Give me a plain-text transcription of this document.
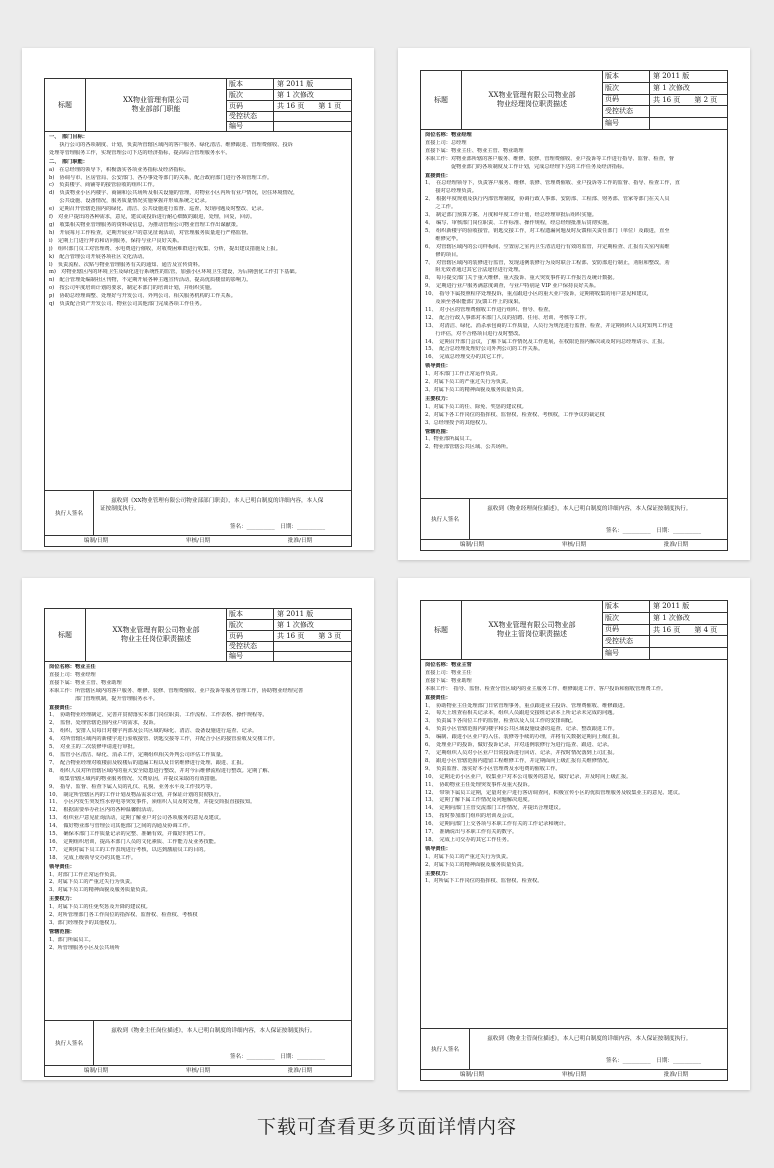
标题
XX物业管理有限公司
物业部部门职能
版本	第 2011 版
版次	第 1 次修改
页码	共 16 页　　第 1 页
受控状态
编号
一、　部门目标：
　　执行公司的各项制度、计划，负责所管辖区域内的客户服务、绿化清洁、维修跟进、管理费催收、投诉
处理等管理服务工作，实现管理公司下达的经济指标，提高综合管理服务水平。
二、　部门职能：
a)　在总经理的领导下，积极落实各项业务指标及经济指标。
b)　协调与市、区房管局、公安部门、各办事处等部门的关系，配合政府部门进行各项管理工作。
c)　负责楼宇、商铺等的接管验收的组织工作。
d)　负责物业小区内楼宇、商铺和公共场所及相关设施的管理，对物业小区内所有业户情况，居住环境情况，
　　公共设施、设备情况，服务质量情况实施掌握并形成系统之记录。
e)　定期召开管辖范围内的绿化、清洁、公共设施进行监督、巡查，发现问题及时整改、记录。
f)　对业户提出的各种需求，意见，建议或投诉进行耐心细致的跟进，处理，回复，回访。
g)　收集相关物业管理服务的资料或信息，为推动管理公司物业管理工作出谋献策。
h)　开展每月工作检查，定期开展业户的意见征询活动，对管理服务质量进行严格监督。
i)　定期上门进行拜访和访问服务，保持与业户良好关系。
j)　组织部门员工对管理费、水电费进行催收，对收费困难群进行收集、分析，提出建议措施及上报。
k)　配合管理公司开展各项社区文化活动。
l)　负责流程、次贴与物业管理服务有关的通知、通告及宣传资料。
m)　对物业辖区内的环境卫生及绿化进行系统性的监管，加强小区环境卫生建设，为后期创优工作打下基础。
n)　配合管理处编制社区刊物，不定期开展各种主题宣传活动，提高优质楼盘的影响力。
o)　按公司年度培训计划的要求，制定本部门的培训计划，并组织实施。
p)　协助总经理调整、处理好与开发公司、外判公司、相关服务机构的工作关系。
q)　负责配合资产开发公司、物业公司其他部门完成各项工作任务。
执行人签名
　　兹收到《XX物业管理有限公司物业部部门职责》，本人已明白制度的详细内容，本人保
证按制度执行。
签名：__________　日期：__________
编制/日期	审核/日期	批准/日期
标题
XX物业管理有限公司物业部
物业经理岗位职责描述
版本	第 2011 版
版次	第 1 次修改
页码	共 16 页　　第 2 页
受控状态
编号
岗位名称：物业经理
直接上司：总经理
直接下属：物业主任、物业主管、物业助理
本职工作：对物业部所辖的客户服务、维修、装修、管理费催收、业户投诉等工作进行指导、监督、检查，督
　　　　　促物业部门的各项制度及工作计划，完成总经理下达的工作任务及经济指标。
直接责任：
1、　在总经理领导下，负责客户服务、维修、装修、管理费催收、业户投诉等工作的监督、指导、检查工作，直
　　接对总经理负责。
2、　根据年度规划及执行内部管理制度，协调行政人事部、安防部、工程部、财务部、管家等部门在关人员
　　之工作。
3、　制定部门预算方案、月度和年度工作计划，经总经理审批后组织实施。
4、　编写、审核部门岗位职责、工作标准、操作规程，经总经理批准后贯彻实施。
5、　组织新楼宇的验收接管，钥匙交接工作，对工程遗漏问题及时反馈相关责任部门（单位）及跟进，直至
　　维修完毕。
6、　对管辖区域内的公司样板间、空置房之室内卫生清洁进行有效的监管，并定期检查、汇报有关室内需维
　　修的项目。
7、　对管辖区域内的装修进行监管，发现违例装修行为及时联合工程部、安防部进行制止，劝阻和整改，劝
　　阻无效者通过其它合法途径进行处理。
8、　每月提交部门关于重大维修、重大投诉、重大突发事件的工作报告及统计数据。
9、　定期进行业户服务满意度调查，与业户特别是 VIP 业户保持良好关系。
10、　指导下属按照程序处理投诉，重点跟进小区的重大业户投诉，定期将收集的用户意见和建议，
　　及须至各职能部门反馈工作上的成果。
11、　对小区的管理费催收工作进行组织、督导、检查。
12、　配合行政人事部对本部门人员的招聘、任用、培训、考核等工作。
13、　对清洁、绿化、消杀承包商的工作质量，人员行为规范进行监督、检查，并定期组织人员对知判工作进
　　行评估，对不合格项目进行及时整改。
14、　定期召开部门会议，了解下属工作情况及工作进展，在权限范围内解决或及时向总经理请示、汇报。
15、　配合总经理处理好公司外判公司的工作关系。
16、　完成总经理交办的其它工作。
领导责任：
1、对本部门工作正常运作负责。
2、对属下员工的严重过失行为负责。
3、对属下员工的精神面貌及服务质量负责。
主要权力：
1、对属下员工的任、除免、奖惩的建议权。
2、对属下各工作岗位的指挥权、监督权、检查权、考核权，工作争议的裁定权
3、总经理授予的其他权力。
管辖范围：
1、物业部所属员工。
2、物业部管辖公共区域、公共场所。
执行人签名
　　兹收到《物业经理岗位描述》，本人已明白制度的详细内容，本人保证按制度执行。
签名：__________　日期：__________
编制/日期	审核/日期	批准/日期
标题
XX物业管理有限公司物业部
物业主任岗位职责描述
版本	第 2011 版
版次	第 1 次修改
页码	共 16 页　　第 3 页
受控状态
编号
岗位名称：物业主任
直接上司：物业经理
直接下属：物业主管、物业助理
本职工作：所管辖区域内的客户服务、维修、装修、管理费催收、业户投诉等服务管理工作，协助物业经理完善
　　　　　部门管理机制，提升管理服务水平。
直接责任：
1、　协助物业经理制定、完善并贯彻落实本部门岗位职责、工作流程、工作表格、操作规程等。
2、　监督、处理管辖范围内业户的需求，投诉。
3、　组织、安排人员每日对楼宇内部及公共区域的绿化、清洁、设备设施进行巡查、记录。
4、　对所管辖区域内的新楼宇进行验收接管、钥匙交接等工作，并配合小区的接管验收及交楼工作。
5、　对业主的二次装修申请进行审批。
6、　监管小区清洁、绿化、消杀工作，定期组织相关外判公司评估工作质量。
7、　配合物业经理对收楼前及收楼后的遗漏工程以及日常维修进行处理、跟进、汇报。
8、　组织人员对所管辖区域内的重大安全隐患进行整改，并对今后维修流程进行整改。定期了解、
　　收集管辖区域内的物业服务情况、欠费原因，并提议采取的有效措施。
9、　指导、监督、检查下属人员的礼仪、礼貌、业务水平及工作技巧等。
10、　制定所管辖区内的工作计划及物品需求计划，并保证计划的贯彻执行。
11、　小区内发生突发性水停电等突发事件，须组织人员及时处理，并提交简报直接报知。
12、　根据需要举办社区内的各种温馨假活动。
13、　组织业户意见征询活动，定期了解业户对公司各项服务的意见及建议。
14、　做好物业部与管理公司其他部门之间的沟通及协调工作。
15、　确保本部门工作质量记录的完整、准确有效，并做好归档工作。
16、　定期组织培训，提高本部门人员的文化素质、工作能力及业务技能。
17、　定期对属下员工的工作表现进行考核，以达到激励员工的目的。
18、　完成上级领导交办的其他工作。
领导责任：
1、对部门工作正常运作负责。
2、对属下员工的严重过失行为负责。
3、对属下员工的精神面貌及服务质量负责。
主要权力：
1、对属下员工的任免奖惩及升降的建议权。
2、对所管理部门各工作岗位的指挥权、监督权、检查权、考核权
3、部门经理授予的其他权力。
管辖范围：
1、部门所属员工。
2、所管理服务小区及公共场所
执行人签名
　　兹收到《物业主任岗位描述》，本人已明白制度的详细内容，本人保证按制度执行。
签名：__________　日期：__________
编制/日期	审核/日期	批准/日期
标题
XX物业管理有限公司物业部
物业主管岗位职责描述
版本	第 2011 版
版次	第 1 次修改
页码	共 16 页　　第 4 页
受控状态
编号
岗位名称：物业主管
直接上司：物业主任
直接下属：物业助理
本职工作：　指导、监督、检查分管区域内的业主服务工作、维修跟进工作、客户投诉和催收管理费工作。
直接责任：
1、　协助物业主任处理部门日常管理事务，重点跟进业主投诉、管理费催收、维修跟进。
2、　每天上班查看相关记录本，组织人员跟进交接班记录本上所记录未完成的问题。
3、　负责属下各岗位工作的监督，检查以及人员工作的安排调配。
4、　负责小区管辖范围内的楼宇和公共区域设施设备的巡查、记录、整改跟进工作。
5、　编制、跟进小区业户的入住、装修等手续的办理，并将有关数据定期向上级汇报。
6、　处理业户的投诉，做好投诉记录，并对违例装修行为进行巡查、跟进、记录。
7、　定期组织人员对小区业户日常投诉进行回访、记录，并按时情况落到上司汇报。
8、　跟进小区管辖范围内遗留工程维修工作，并定期面向上级汇报有关维修情况。
9、　负责监督、落实好本小区管理费及水电费的催收工作。
10、　定期走访小区业户，收集业户对本公司服务的意见，做好记录，并及时向上级汇报。
11、　协助物业主任处理突发事件及重大投诉。
12、　带领下属员工定期，定量对业户进行客访调查问，积极宣传小区的优质管理服务及收集业主的意见、建议。
13、　定期了解下属工作情况及问题解决进度。
14、　定期向部门主管交流部门工作情况，并提出合理建议。
15、　按时参加部门组织的培训及会议。
16、　定期向部门上交各项与本职工作有关的工作记录和统计。
17、　准确说出与本职工作有关的数字。
18、　完成上司交办的其它工作任务。
领导责任：
1、对属下员工的严重过失行为负责。
2、对属下员工的精神面貌及服务质量负责。
主要权力：
1、对所属下工作岗位的指挥权、监督权、检查权。
执行人签名
　　兹收到《物业主管岗位描述》，本人已明白制度的详细内容，本人保证按制度执行。
签名：__________　日期：__________
编制/日期	审核/日期	批准/日期
下载可查看更多页面详情内容
